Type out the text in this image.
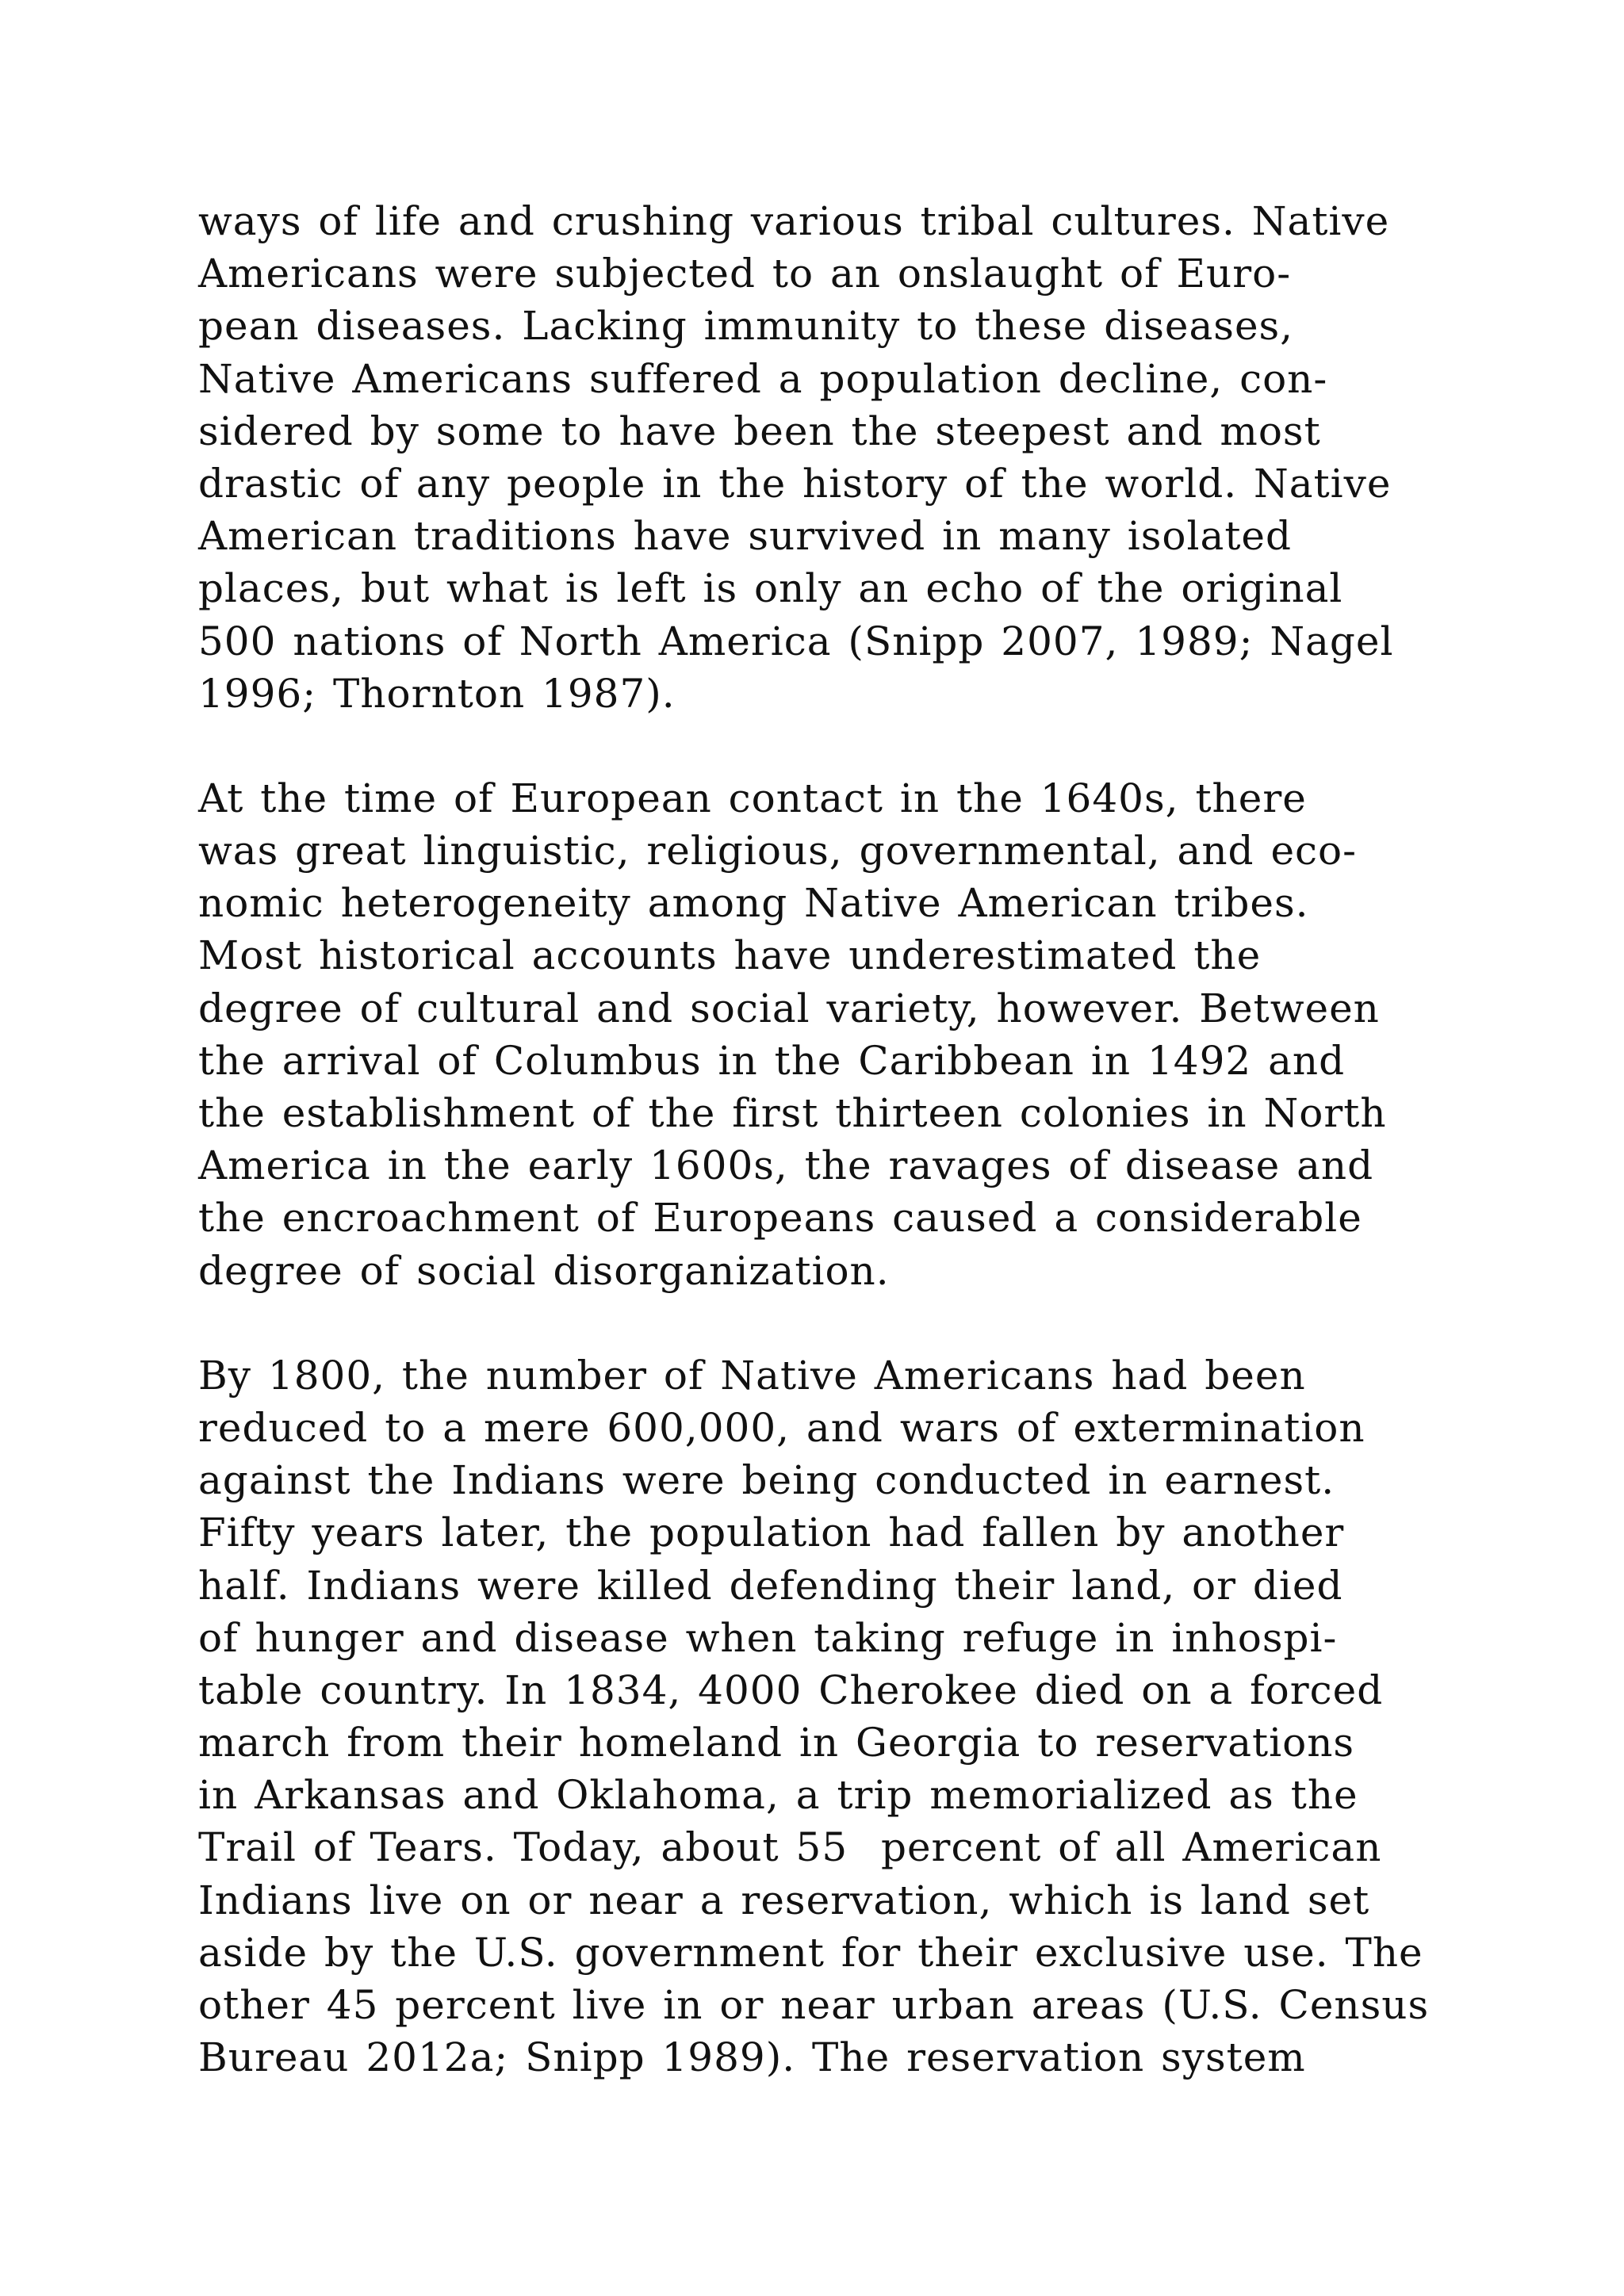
ways of life and crushing various tribal cultures. Native
Americans were subjected to an onslaught of Euro-
pean diseases. Lacking immunity to these diseases,
Native Americans suffered a population decline, con-
sidered by some to have been the steepest and most
drastic of any people in the history of the world. Native
American traditions have survived in many isolated
places, but what is left is only an echo of the original
500 nations of North America (Snipp 2007, 1989; Nagel
1996; Thornton 1987).
At the time of European contact in the 1640s, there
was great linguistic, religious, governmental, and eco-
nomic heterogeneity among Native American tribes.
Most historical accounts have underestimated the
degree of cultural and social variety, however. Between
the arrival of Columbus in the Caribbean in 1492 and
the establishment of the first thirteen colonies in North
America in the early 1600s, the ravages of disease and
the encroachment of Europeans caused a considerable
degree of social disorganization.
By 1800, the number of Native Americans had been
reduced to a mere 600,000, and wars of extermination
against the Indians were being conducted in earnest.
Fifty years later, the population had fallen by another
half. Indians were killed defending their land, or died
of hunger and disease when taking refuge in inhospi-
table country. In 1834, 4000 Cherokee died on a forced
march from their homeland in Georgia to reservations
in Arkansas and Oklahoma, a trip memorialized as the
Trail of Tears. Today, about 55  percent of all American
Indians live on or near a reservation, which is land set
aside by the U.S. government for their exclusive use. The
other 45 percent live in or near urban areas (U.S. Census
Bureau 2012a; Snipp 1989). The reservation system
